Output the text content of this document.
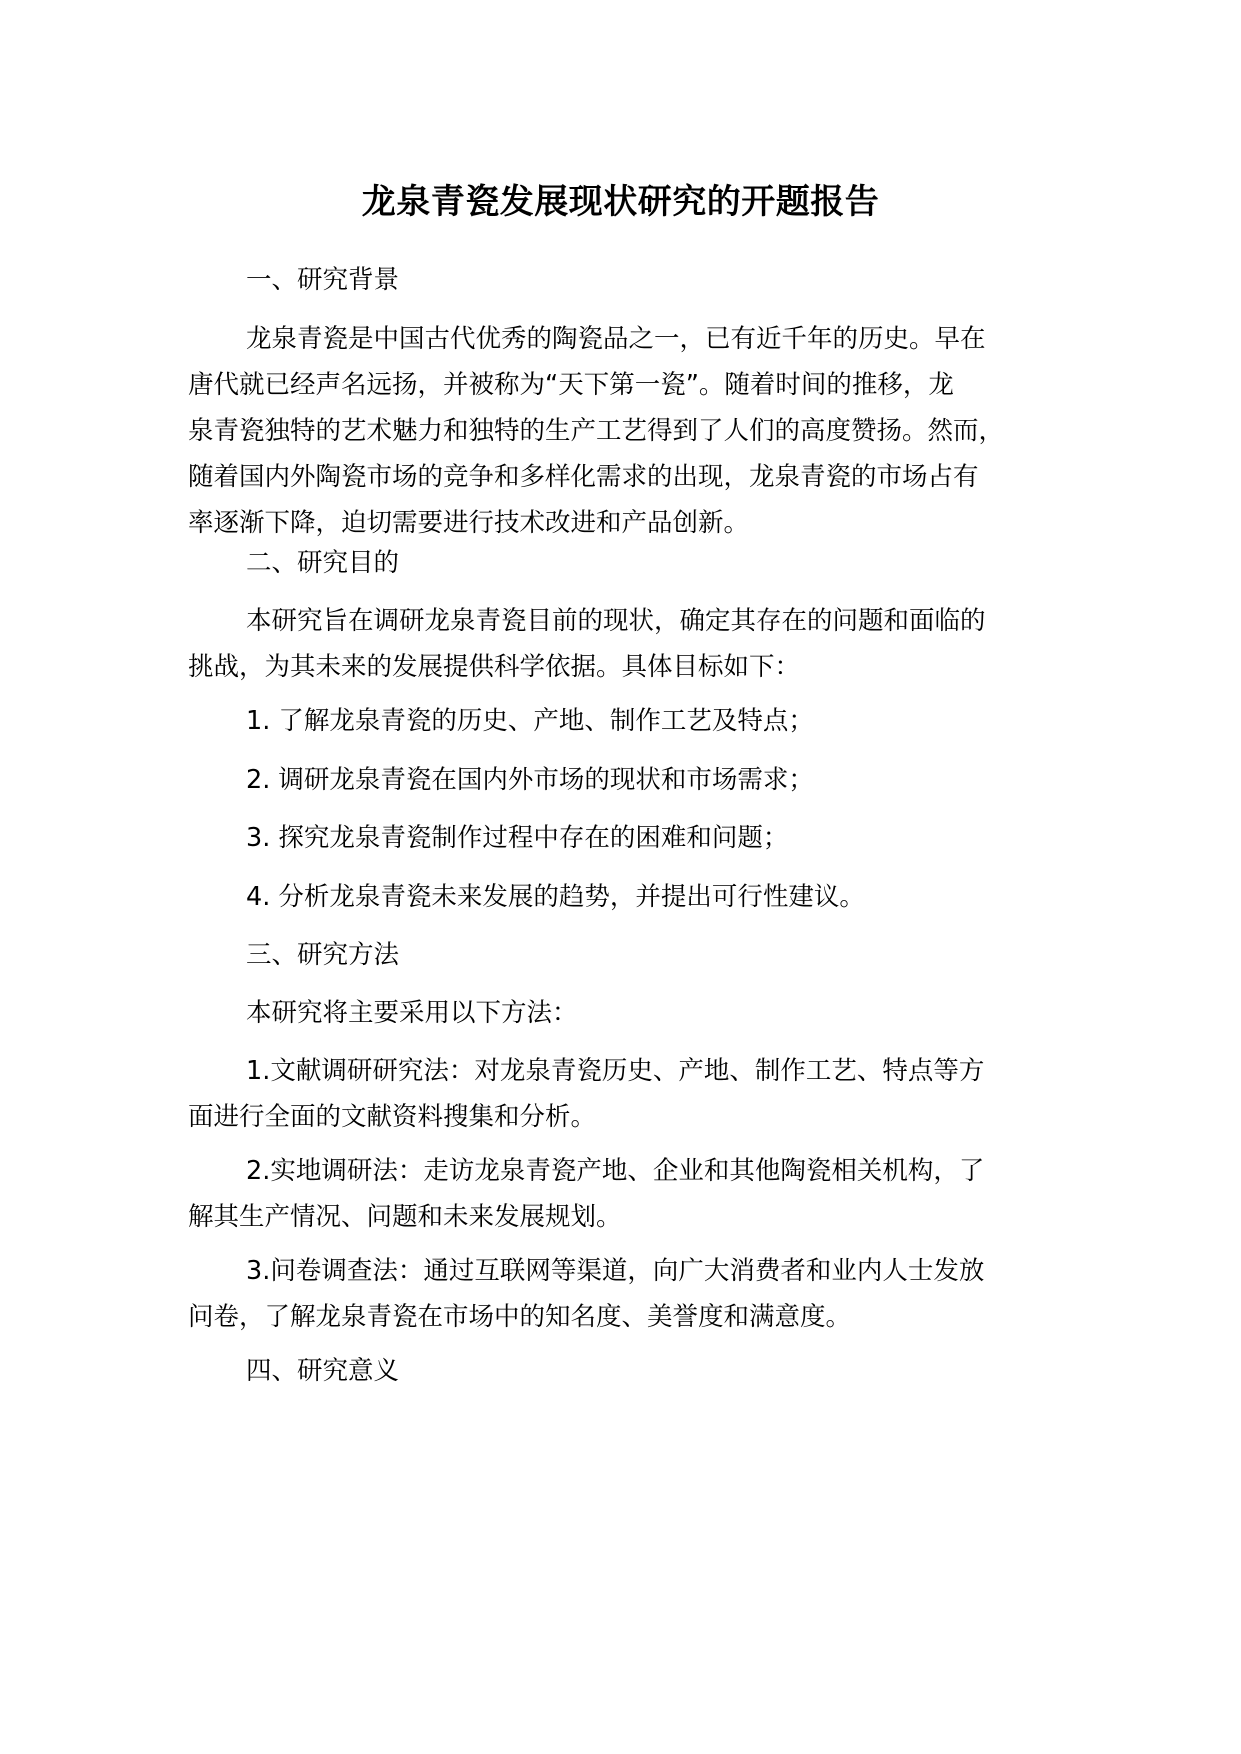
龙泉青瓷发展现状研究的开题报告
一、研究背景
龙泉青瓷是中国古代优秀的陶瓷品之一，已有近千年的历史。早在
唐代就已经声名远扬，并被称为“天下第一瓷”。随着时间的推移，龙
泉青瓷独特的艺术魅力和独特的生产工艺得到了人们的高度赞扬。然而，
随着国内外陶瓷市场的竞争和多样化需求的出现，龙泉青瓷的市场占有
率逐渐下降，迫切需要进行技术改进和产品创新。
二、研究目的
本研究旨在调研龙泉青瓷目前的现状，确定其存在的问题和面临的
挑战，为其未来的发展提供科学依据。具体目标如下：
1. 了解龙泉青瓷的历史、产地、制作工艺及特点；
2. 调研龙泉青瓷在国内外市场的现状和市场需求；
3. 探究龙泉青瓷制作过程中存在的困难和问题；
4. 分析龙泉青瓷未来发展的趋势，并提出可行性建议。
三、研究方法
本研究将主要采用以下方法：
1.文献调研研究法：对龙泉青瓷历史、产地、制作工艺、特点等方
面进行全面的文献资料搜集和分析。
2.实地调研法：走访龙泉青瓷产地、企业和其他陶瓷相关机构，了
解其生产情况、问题和未来发展规划。
3.问卷调查法：通过互联网等渠道，向广大消费者和业内人士发放
问卷，了解龙泉青瓷在市场中的知名度、美誉度和满意度。
四、研究意义
